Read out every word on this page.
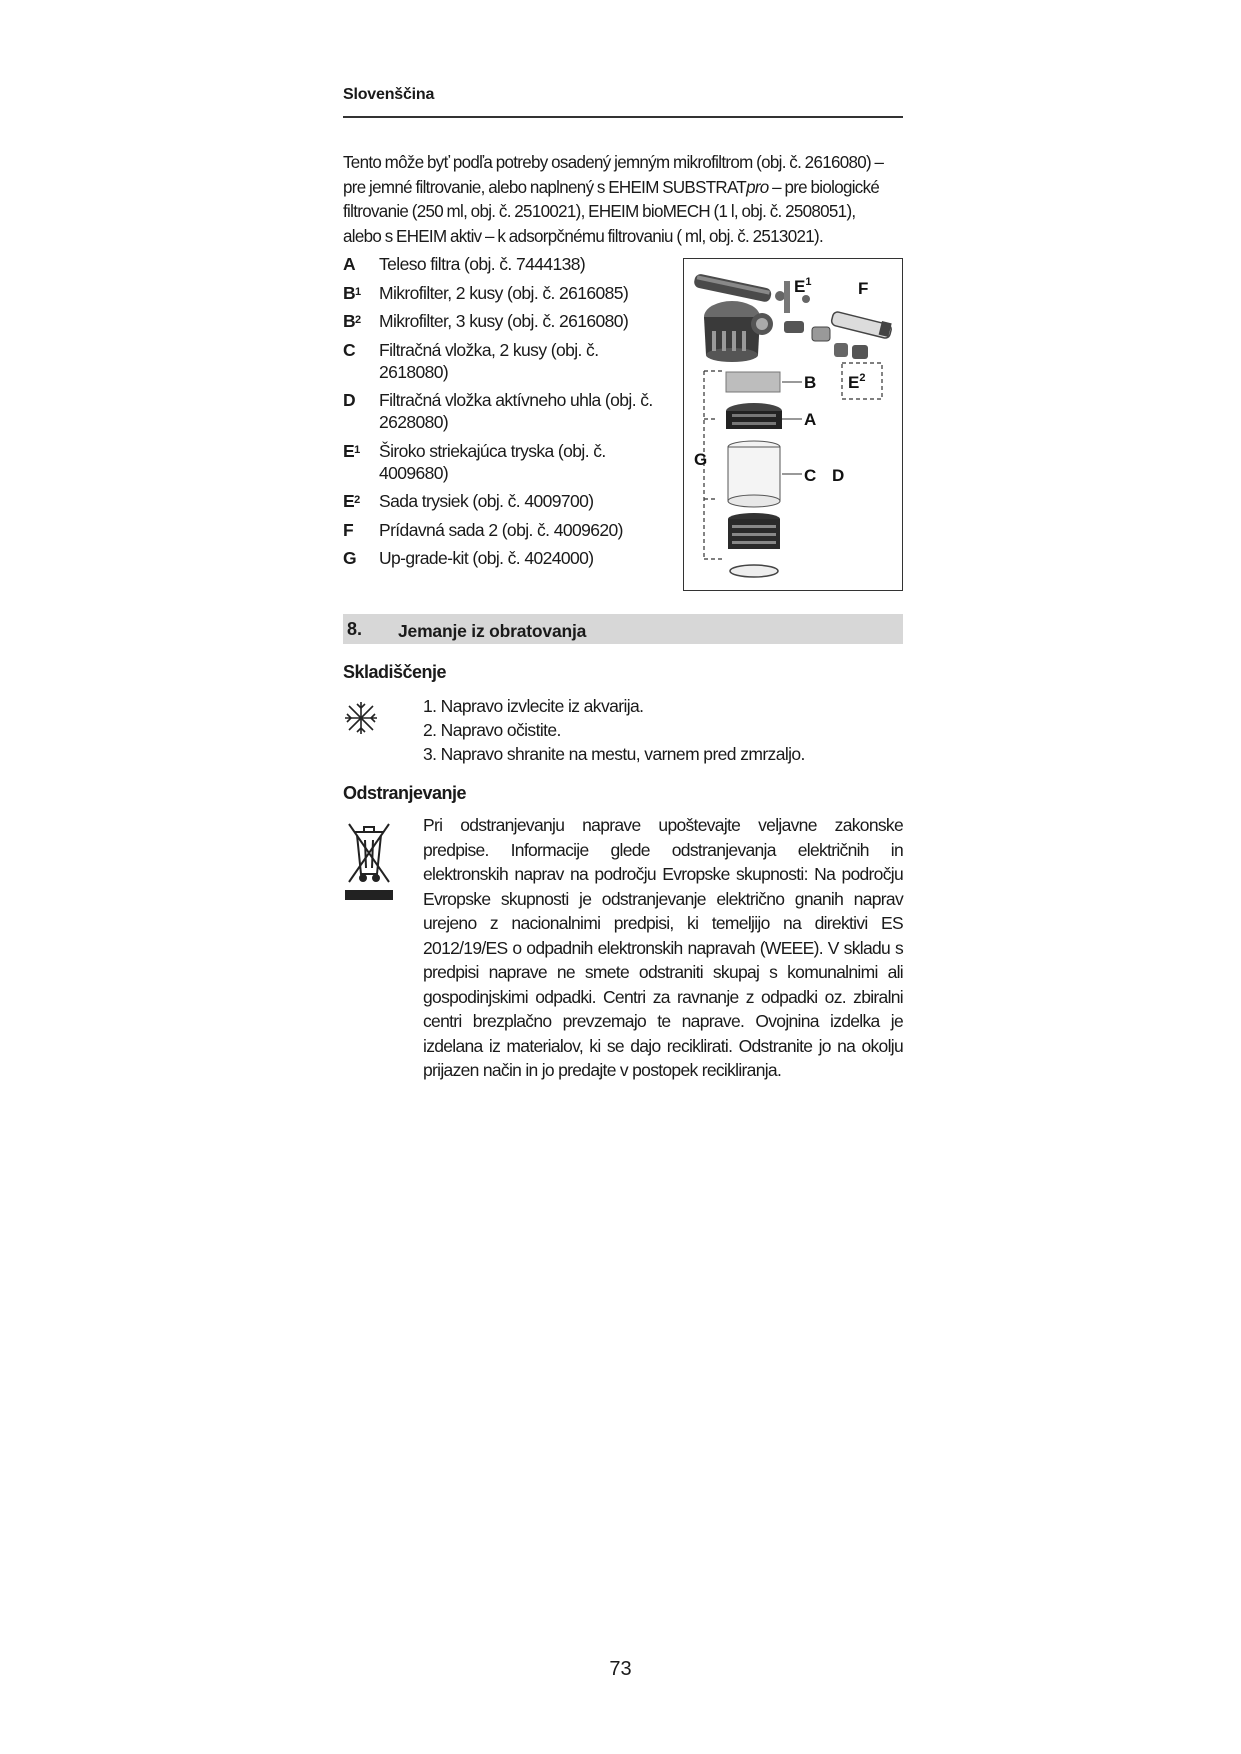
Slovenščina
Tento môže byť podľa potreby osadený jemným mikrofiltrom (obj. č. 2616080) – pre jemné filtrovanie, alebo naplnený s EHEIM SUBSTRATpro – pre biologické filtrovanie (250 ml, obj. č. 2510021), EHEIM bioMECH (1 l, obj. č. 2508051), alebo s EHEIM aktiv – k adsorpčnému filtrovaniu ( ml, obj. č. 2513021).
A Teleso filtra (obj. č. 7444138)
$B^1$ Mikrofilter, 2 kusy (obj. č. 2616085)
$B^2$ Mikrofilter, 3 kusy (obj. č. 2616080)
C Filtračná vložka, 2 kusy (obj. č. 2618080)
D Filtračná vložka aktívneho uhla (obj. č. 2628080)
$E^1$ Široko striekajúca tryska (obj. č. 4009680)
$E^2$ Sada trysiek (obj. č. 4009700)
F Prídavná sada 2 (obj. č. 4009620)
G Up-grade-kit (obj. č. 4024000)
$E^1$	F
B $E^2$
A
G
C D
8. Jemanje iz obratovanja
Skladiščenje
1. Napravo izvlecite iz akvarija.
2. Napravo očistite.
3. Napravo shranite na mestu, varnem pred zmrzaljo.
Odstranjevanje
Pri odstranjevanju naprave upoštevajte veljavne zakonske predpise. Informacije glede odstranjevanja električnih in elektronskih naprav na področju Evropske skupnosti: Na področju Evropske skupnosti je odstranjevanje električno gnanih naprav urejeno z nacionalnimi predpisi, ki temeljijo na direktivi ES 2012/19/ES o odpadnih elektronskih napravah (WEEE). V skladu s predpisi naprave ne smete odstraniti skupaj s komunalnimi ali gospodinjskimi odpadki. Centri za ravnanje z odpadki oz. zbiralni centri brezplačno prevzemajo te naprave. Ovojnina izdelka je izdelana iz materialov, ki se dajo reciklirati. Odstranite jo na okolju prijazen način in jo predajte v postopek recikliranja.
73
